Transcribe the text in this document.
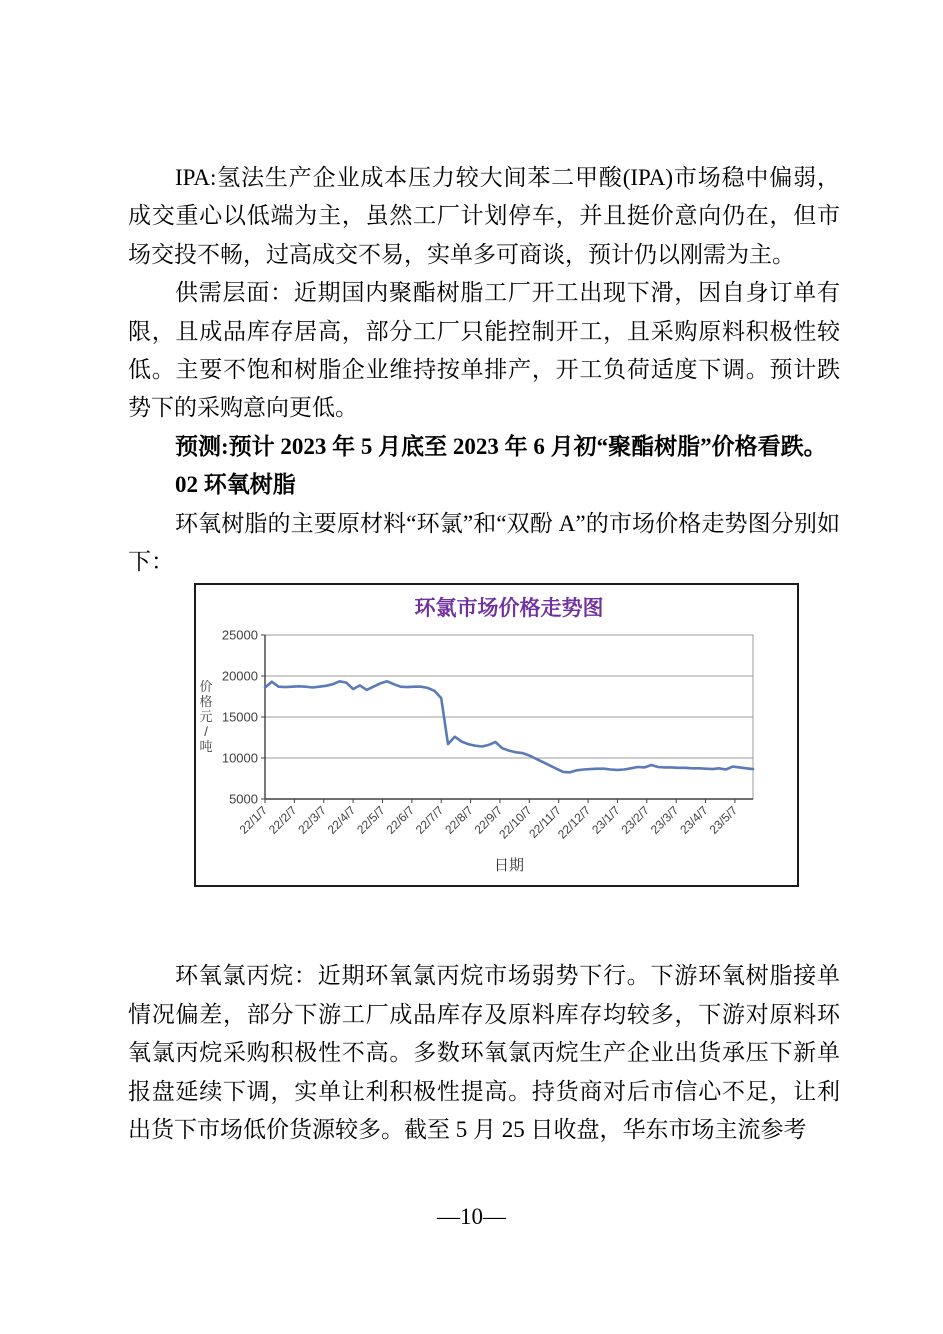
IPA:氢法生产企业成本压力较大间苯二甲酸(IPA)市场稳中偏弱，成交重心以低端为主，虽然工厂计划停车，并且挺价意向仍在，但市场交投不畅，过高成交不易，实单多可商谈，预计仍以刚需为主。

供需层面：近期国内聚酯树脂工厂开工出现下滑，因自身订单有限，且成品库存居高，部分工厂只能控制开工，且采购原料积极性较低。主要不饱和树脂企业维持按单排产，开工负荷适度下调。预计跌势下的采购意向更低。

预测:预计 2023 年 5 月底至 2023 年 6 月初“聚酯树脂”价格看跌。

02 环氧树脂

环氧树脂的主要原材料“环氯”和“双酚 A”的市场价格走势图分别如下：

25000
20000
15000
10000
5000
22/1/7
22/2/7
22/3/7
22/4/7
22/5/7
22/6/7
22/7/7
22/8/7
22/9/7
22/10/7
22/11/7
22/12/7
23/1/7
23/2/7
23/3/7
23/4/7
23/5/7
环氯市场价格走势图
价格元/吨
日期

环氧氯丙烷：近期环氧氯丙烷市场弱势下行。下游环氧树脂接单情况偏差，部分下游工厂成品库存及原料库存均较多，下游对原料环氧氯丙烷采购积极性不高。多数环氧氯丙烷生产企业出货承压下新单报盘延续下调，实单让利积极性提高。持货商对后市信心不足，让利出货下市场低价货源较多。截至 5 月 25 日收盘，华东市场主流参考

—10—
